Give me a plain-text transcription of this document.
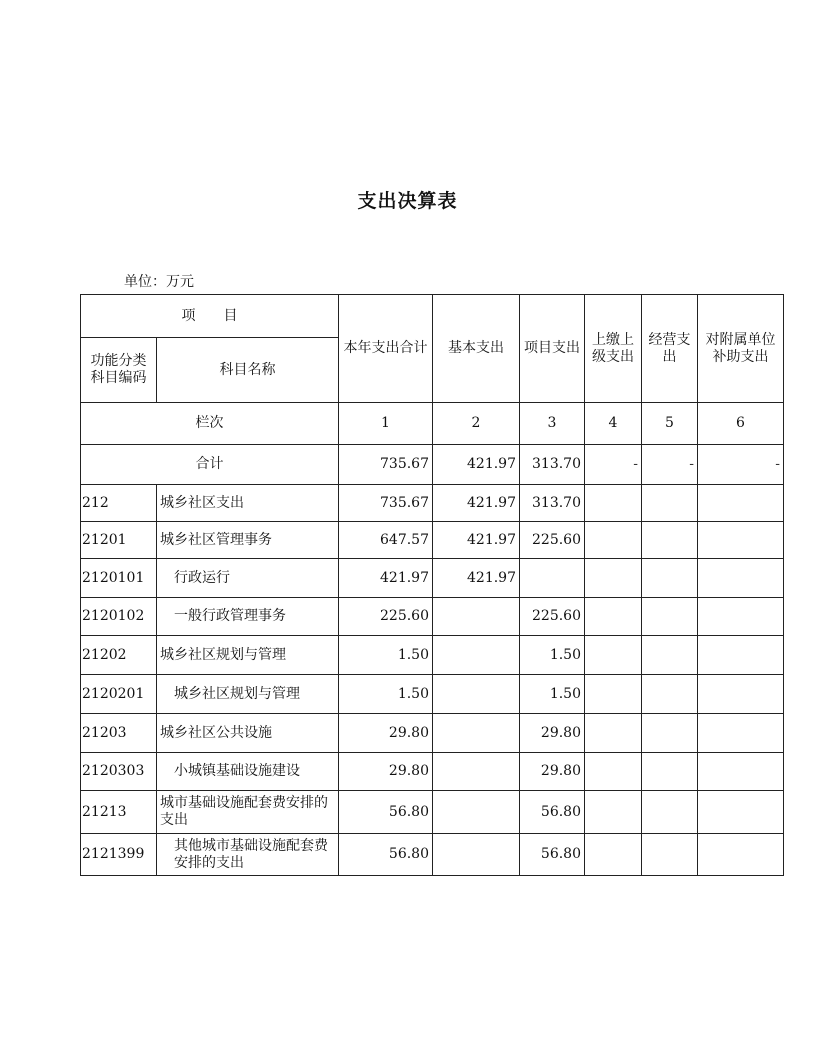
支出决算表
单位：万元
项　　目		本年支出合计	基本支出	项目支出	上缴上级支出	经营支出	对附属单位补助支出
功能分类科目编码	科目名称						
栏次		1	2	3	4	5	6
合计		735.67	421.97	313.70	-	-	-
212	城乡社区支出	735.67	421.97	313.70			
21201	城乡社区管理事务	647.57	421.97	225.60			
2120101	行政运行	421.97	421.97				
2120102	一般行政管理事务	225.60		225.60			
21202	城乡社区规划与管理	1.50		1.50			
2120201	城乡社区规划与管理	1.50		1.50			
21203	城乡社区公共设施	29.80		29.80			
2120303	小城镇基础设施建设	29.80		29.80			
21213	城市基础设施配套费安排的支出	56.80		56.80			
2121399	其他城市基础设施配套费安排的支出	56.80		56.80			
